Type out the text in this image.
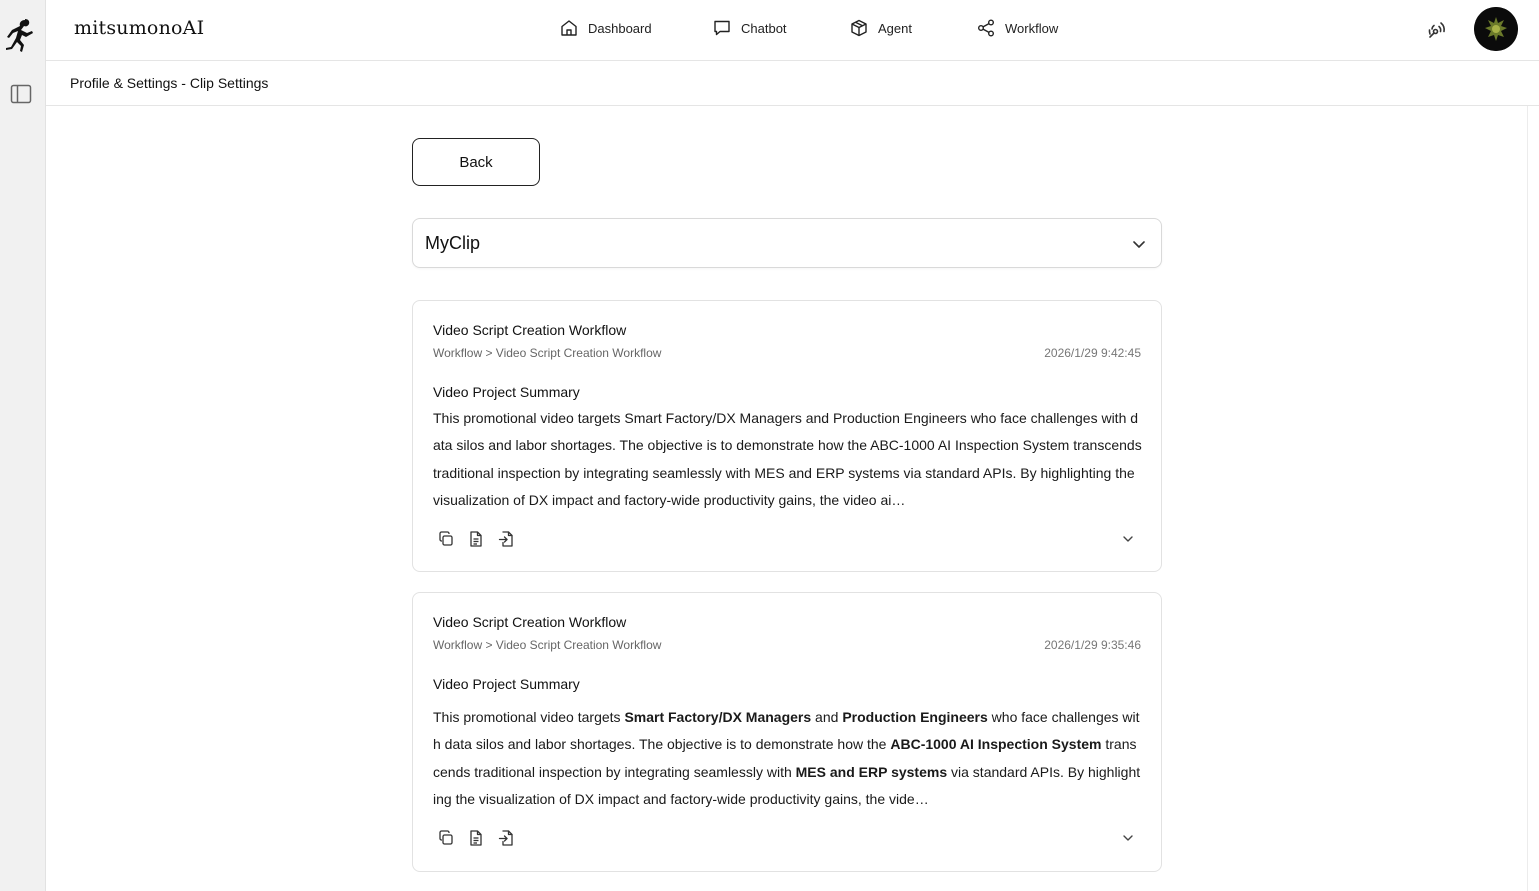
mitsumonoAI	Dashboard	Chatbot	Agent	Workflow
Profile & Settings - Clip Settings
Back
MyClip
Video Script Creation Workflow
Workflow > Video Script Creation Workflow	2026/1/29 9:42:45
Video Project Summary
This promotional video targets Smart Factory/DX Managers and Production Engineers who face challenges with data silos and labor shortages. The objective is to demonstrate how the ABC-1000 AI Inspection System transcends traditional inspection by integrating seamlessly with MES and ERP systems via standard APIs. By highlighting the visualization of DX impact and factory-wide productivity gains, the video ai…
Video Script Creation Workflow
Workflow > Video Script Creation Workflow	2026/1/29 9:35:46
Video Project Summary
This promotional video targets Smart Factory/DX Managers and Production Engineers who face challenges with data silos and labor shortages. The objective is to demonstrate how the ABC-1000 AI Inspection System transcends traditional inspection by integrating seamlessly with MES and ERP systems via standard APIs. By highlighting the visualization of DX impact and factory-wide productivity gains, the vide…
